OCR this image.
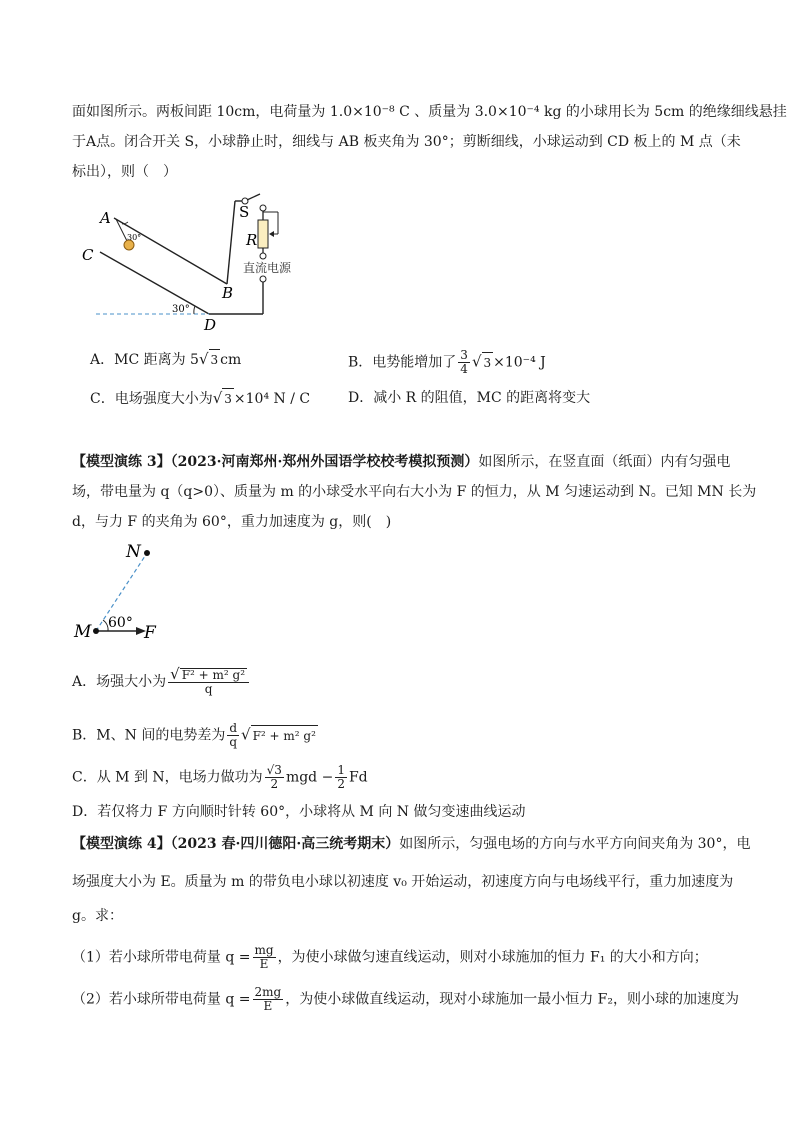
面如图所示。两板间距 10cm，电荷量为 1.0×10⁻⁸ C 、质量为 3.0×10⁻⁴ kg 的小球用长为 5cm 的绝缘细线悬挂
于A点。闭合开关 S，小球静止时，细线与 AB 板夹角为 30°；剪断细线，小球运动到 CD 板上的 M 点（未
标出），则（　）
A
C
B
D
S
R
30°
30°
直流电源
A．MC 距离为 5√ 3 cm	B．电势能增加了 $\frac{3}{4}$ √ 3 ×10⁻⁴ J
C．电场强度大小为√ 3 ×10⁴ N / C	D．减小 R 的阻值，MC 的距离将变大
【模型演练 3】（2023·河南郑州·郑州外国语学校校考模拟预测）如图所示，在竖直面（纸面）内有匀强电
场，带电量为 q（q>0）、质量为 m 的小球受水平向右大小为 F 的恒力，从 M 匀速运动到 N。已知 MN 长为
d，与力 F 的夹角为 60°，重力加速度为 g，则(　)
N
M	F
60°
A．场强大小为 $\frac{\text{√ F² + m² g²}}{q}$
B．M、N 间的电势差为 $\frac{d}{q}$ √ F² + m² g²
C．从 M 到 N，电场力做功为 $\frac{√3}{2}$ mgd − $\frac{1}{2}$ Fd
D．若仅将力 F 方向顺时针转 60°，小球将从 M 向 N 做匀变速曲线运动
【模型演练 4】（2023 春·四川德阳·高三统考期末）如图所示，匀强电场的方向与水平方向间夹角为 30°，电
场强度大小为 E。质量为 m 的带负电小球以初速度 v₀ 开始运动，初速度方向与电场线平行，重力加速度为
g。求：
（1）若小球所带电荷量 $q = \frac{mg}{E}$ ，为使小球做匀速直线运动，则对小球施加的恒力 F₁ 的大小和方向；
（2）若小球所带电荷量 $q = \frac{2mg}{E}$ ，为使小球做直线运动，现对小球施加一最小恒力 F₂，则小球的加速度为
